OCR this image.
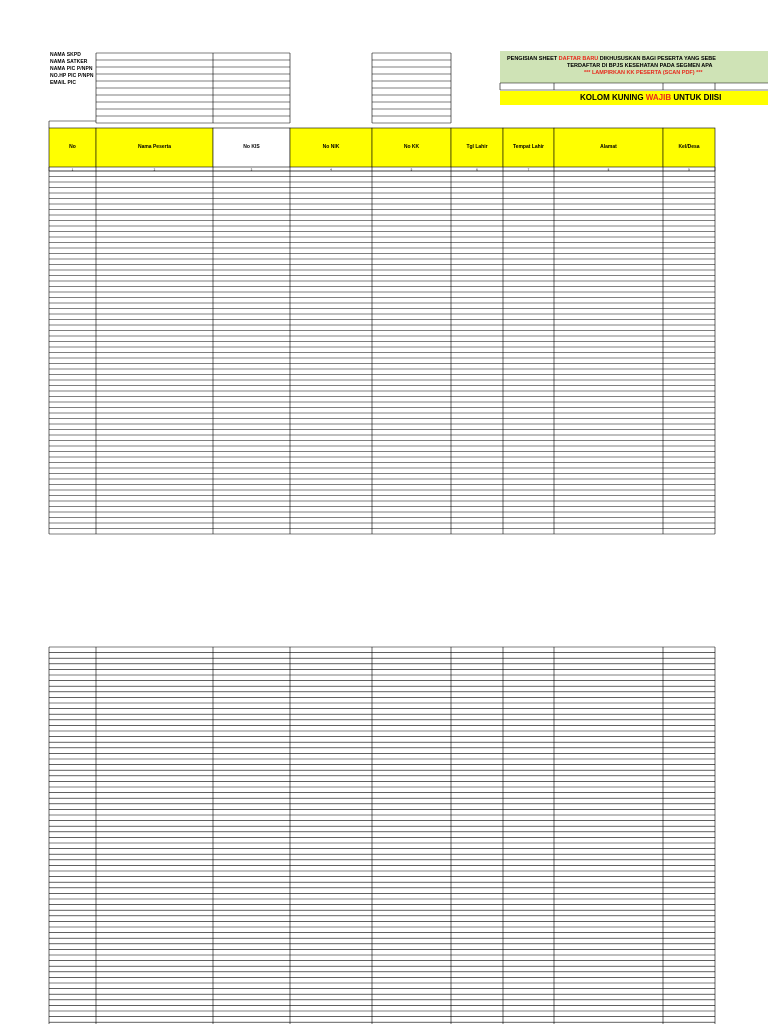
NAMA SKPD
NAMA SATKER
NAMA PIC P/NPN
NO.HP PIC P/NPN
EMAIL PIC
PENGISIAN SHEET DAFTAR BARU DIKHUSUSKAN BAGI PESERTA YANG SEBE
TERDAFTAR DI BPJS KESEHATAN PADA SEGMEN APA
*** LAMPIRKAN KK PESERTA (SCAN PDF) ***
KOLOM KUNING WAJIB UNTUK DIISI
1	2	3	4	5	6	7	8	9
No	Nama Peserta	No KIS	No NIK	No KK	Tgl Lahir	Tempat Lahir	Alamat	Kel/Desa
